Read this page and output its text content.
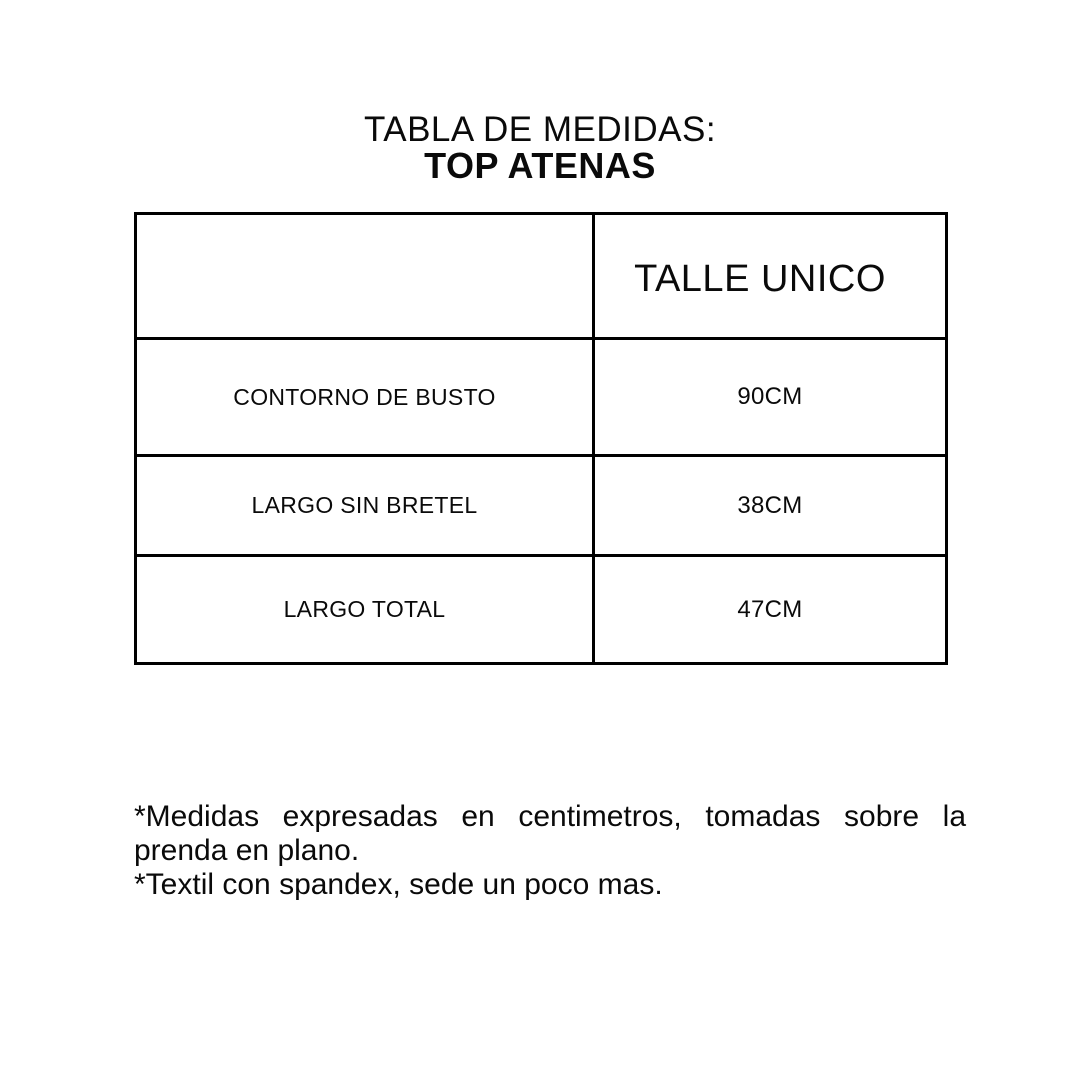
TABLA DE MEDIDAS:
TOP ATENAS
	TALLE UNICO
CONTORNO DE BUSTO	90CM
LARGO SIN BRETEL	38CM
LARGO TOTAL	47CM

*Medidas expresadas en centimetros, tomadas sobre la prenda en plano.

*Textil con spandex, sede un poco mas.
